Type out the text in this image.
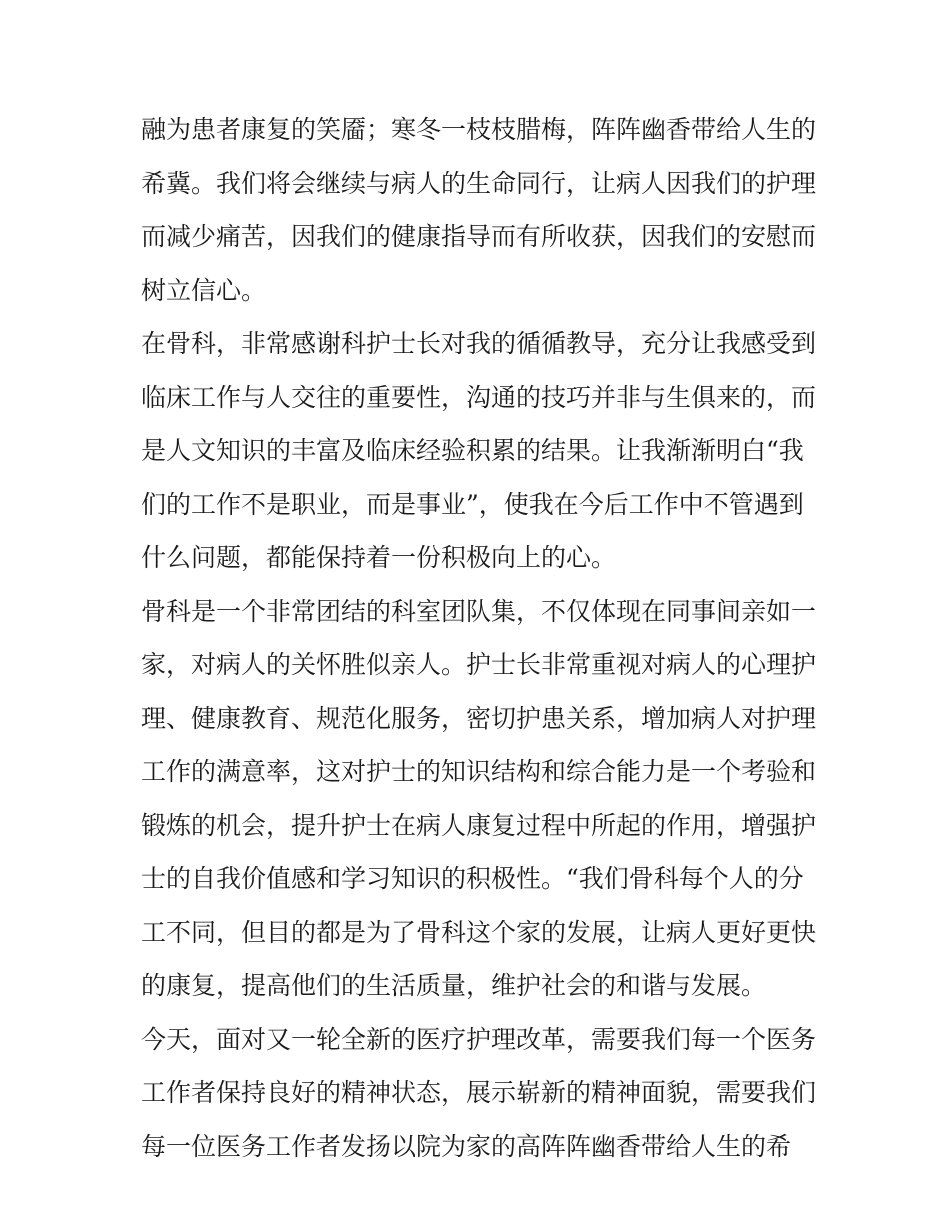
融为患者康复的笑靥；寒冬一枝枝腊梅，阵阵幽香带给人生的
希冀。我们将会继续与病人的生命同行，让病人因我们的护理
而减少痛苦，因我们的健康指导而有所收获，因我们的安慰而
树立信心。
在骨科，非常感谢科护士长对我的循循教导，充分让我感受到
临床工作与人交往的重要性，沟通的技巧并非与生俱来的，而
是人文知识的丰富及临床经验积累的结果。让我渐渐明白“我
们的工作不是职业，而是事业”，使我在今后工作中不管遇到
什么问题，都能保持着一份积极向上的心。
骨科是一个非常团结的科室团队集，不仅体现在同事间亲如一
家，对病人的关怀胜似亲人。护士长非常重视对病人的心理护
理、健康教育、规范化服务，密切护患关系，增加病人对护理
工作的满意率，这对护士的知识结构和综合能力是一个考验和
锻炼的机会，提升护士在病人康复过程中所起的作用，增强护
士的自我价值感和学习知识的积极性。“我们骨科每个人的分
工不同，但目的都是为了骨科这个家的发展，让病人更好更快
的康复，提高他们的生活质量，维护社会的和谐与发展。
今天，面对又一轮全新的医疗护理改革，需要我们每一个医务
工作者保持良好的精神状态，展示崭新的精神面貌，需要我们
每一位医务工作者发扬以院为家的高阵阵幽香带给人生的希
